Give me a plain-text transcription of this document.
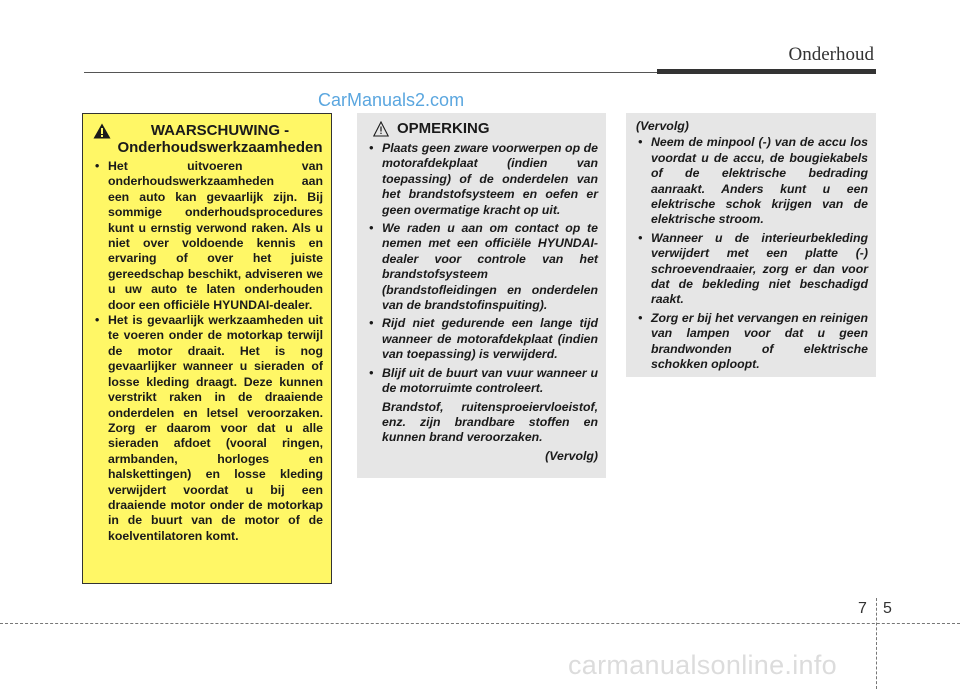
Onderhoud
CarManuals2.com
WAARSCHUWING -
Onderhoudswerkzaamheden
• Het uitvoeren van onderhoudswerkzaamheden aan een auto kan gevaarlijk zijn. Bij sommige onderhoudsprocedures kunt u ernstig verwond raken. Als u niet over voldoende kennis en ervaring of over het juiste gereedschap beschikt, adviseren we u uw auto te laten onderhouden door een officiële HYUNDAI-dealer.
• Het is gevaarlijk werkzaamheden uit te voeren onder de motorkap terwijl de motor draait. Het is nog gevaarlijker wanneer u sieraden of losse kleding draagt. Deze kunnen verstrikt raken in de draaiende onderdelen en letsel veroorzaken. Zorg er daarom voor dat u alle sieraden afdoet (vooral ringen, armbanden, horloges en halskettingen) en losse kleding verwijdert voordat u bij een draaiende motor onder de motorkap in de buurt van de motor of de koelventilatoren komt.
OPMERKING
• Plaats geen zware voorwerpen op de motorafdekplaat (indien van toepassing) of de onderdelen van het brandstofsysteem en oefen er geen overmatige kracht op uit.
• We raden u aan om contact op te nemen met een officiële HYUNDAI-dealer voor controle van het brandstofsysteem (brandstofleidingen en onderdelen van de brandstofinspuiting).
• Rijd niet gedurende een lange tijd wanneer de motorafdekplaat (indien van toepassing) is verwijderd.
• Blijf uit de buurt van vuur wanneer u de motorruimte controleert.

Brandstof, ruitensproeiervloeistof, enz. zijn brandbare stoffen en kunnen brand veroorzaken.

(Vervolg)

(Vervolg)

• Neem de minpool (-) van de accu los voordat u de accu, de bougiekabels of de elektrische bedrading aanraakt. Anders kunt u een elektrische schok krijgen van de elektrische stroom.
• Wanneer u de interieurbekleding verwijdert met een platte (-) schroevendraaier, zorg er dan voor dat de bekleding niet beschadigd raakt.
• Zorg er bij het vervangen en reinigen van lampen voor dat u geen brandwonden of elektrische schokken oploopt.
7 5
carmanualsonline.info
